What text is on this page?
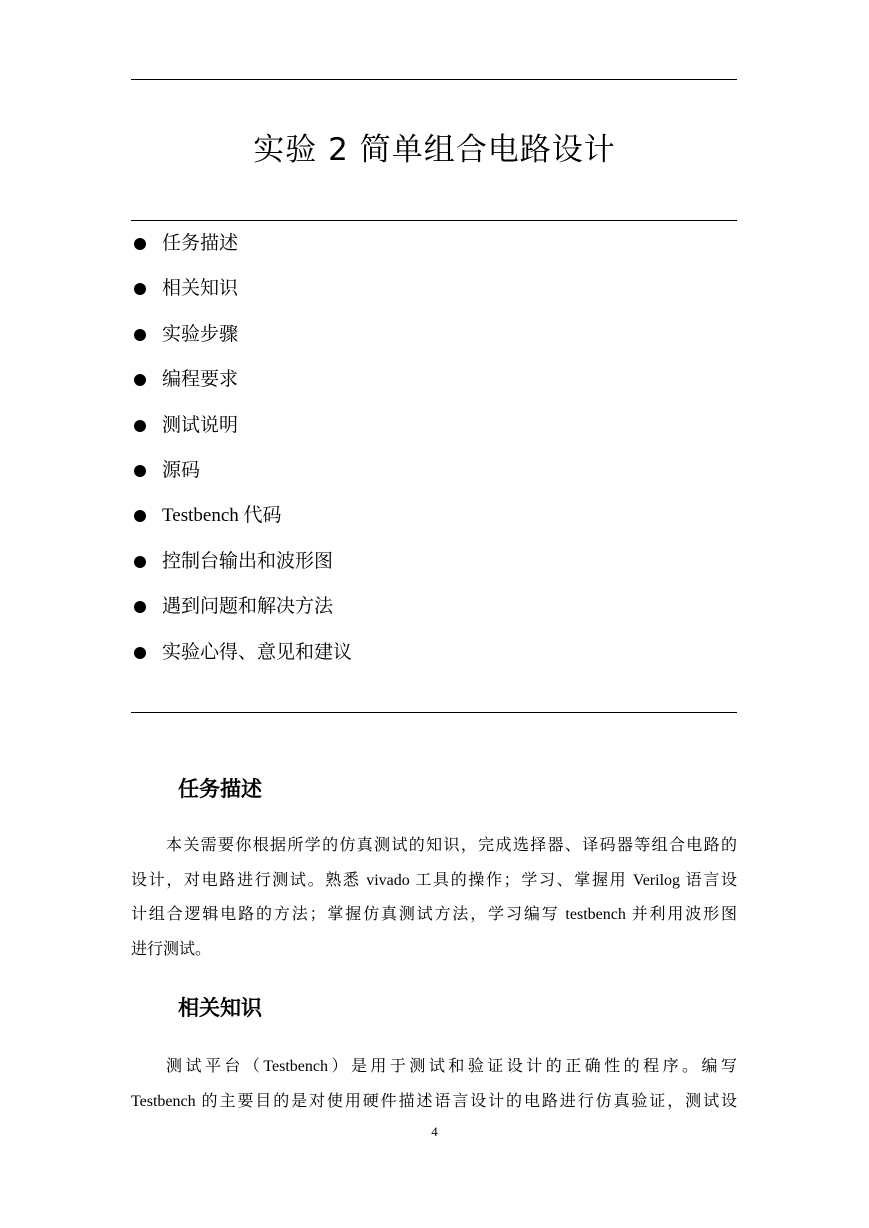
实验 2 简单组合电路设计
任务描述
相关知识
实验步骤
编程要求
测试说明
源码
Testbench 代码
控制台输出和波形图
遇到问题和解决方法
实验心得、意见和建议
任务描述
本关需要你根据所学的仿真测试的知识，完成选择器、译码器等组合电路的
设计，对电路进行测试。熟悉 vivado 工具的操作；学习、掌握用 Verilog 语言设
计组合逻辑电路的方法；掌握仿真测试方法，学习编写 testbench 并利用波形图
进行测试。
相关知识
测试平台（Testbench）是用于测试和验证设计的正确性的程序。编写
Testbench 的主要目的是对使用硬件描述语言设计的电路进行仿真验证，测试设
4
